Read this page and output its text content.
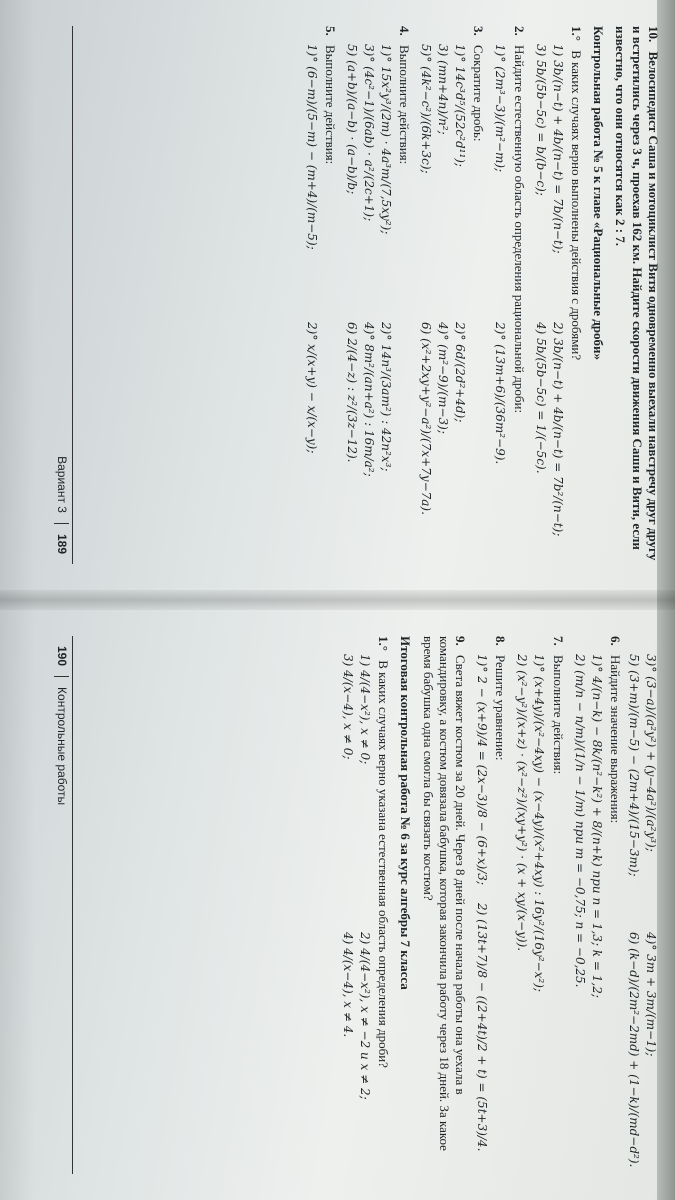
10. Велосипедист Саша и мотоциклист Витя одновременно выехали навстречу друг другу и встретились через 3 ч, проехав 162 км. Найдите скорости движения Саши и Вити, если известно, что они относятся как 2 : 7.
Контрольная работа № 5 к главе «Рациональные дроби»
1.° В каких случаях верно выполнены действия с дробями?
1) 3b/(n−t) + 4b/(n−t) = 7b/(n−t);
2) 3b/(n−t) + 4b/(n−t) = 7b²/(n−t);
3) 5b/(5b−5c) = b/(b−c);
4) 5b/(5b−5c) = 1/(−5c).
2. Найдите естественную область определения рациональной дроби:
1)° (2m³−3)/(m²−m);
2)° (13m+6)/(36m²−9).
3. Сократите дробь:
1)° 14c³d⁵/(52c²d¹¹);
2)° 6d/(2d²+4d);
3) (mn+4n)/n²;
4)° (m²−9)/(m−3);
5)° (4k²−c²)/(6k+3c);
6) (x²+2xy+y²−a²)/(7x+7y−7a).
4. Выполните действия:
1)° 15x²y³/(2m) · 4a³m/(7,5xy²);
2)° 14n³/(3am²) : 42n²x³;
3)° (4c²−1)/(6ab) · a²/(2c+1);
4)° 8m²/(an+a²) : 16m/a²;
5) (a+b)/(a−b) · (a−b)/b;
6) 2/(4−z) : z²/(3z−12).
5. Выполните действия:
1)° (6−m)/(5−m) − (m+4)/(m−5);
2)° x/(x+y) − x/(x−y);
Вариант 3
189
3)° (3−a)/(a²y²) + (y−4a²)/(a²y³);
4)° 3m + 3m/(m−1);
5) (3+m)/(m−5) − (2m+4)/(15−3m);
6) (k−d)/(2m²−2md) + (1−k)/(md−d²).
6. Найдите значение выражения:
1)° 4/(n−k) − 8k/(n²−k²) + 8/(n+k) при n = 1,3; k = 1,2;
2) (m/n − n/m)/(1/n − 1/m) при m = −0,75; n = −0,25.
7. Выполните действия:
1)° (x+4y)/(x²−4xy) − (x−4y)/(x²+4xy) : 16y²/(16y²−x²);
2) (x²−y²)/(x+z) · (x²−z²)/(xy+y²) · (x + xy/(x−y)).
8. Решите уравнение:
1)° 2 − (x+9)/4 = (2x−3)/8 − (6+x)/3;
2) (13t+7)/8 − ((2+4t)/2 + t) = (5t+3)/4.
9. Света вяжет костюм за 20 дней. Через 8 дней после начала работы она уехала в командировку, а костюм довязала бабушка, которая закончила работу через 18 дней. За какое время бабушка одна смогла бы связать костюм?
Итоговая контрольная работа № 6 за курс алгебры 7 класса
1.° В каких случаях верно указана естественная область определения дроби?
1) 4/(4−x²), x ≠ 0;
2) 4/(4−x²), x ≠ −2 и x ≠ 2;
3) 4/(x−4), x ≠ 0;
4) 4/(x−4), x ≠ 4.
190
Контрольные работы
